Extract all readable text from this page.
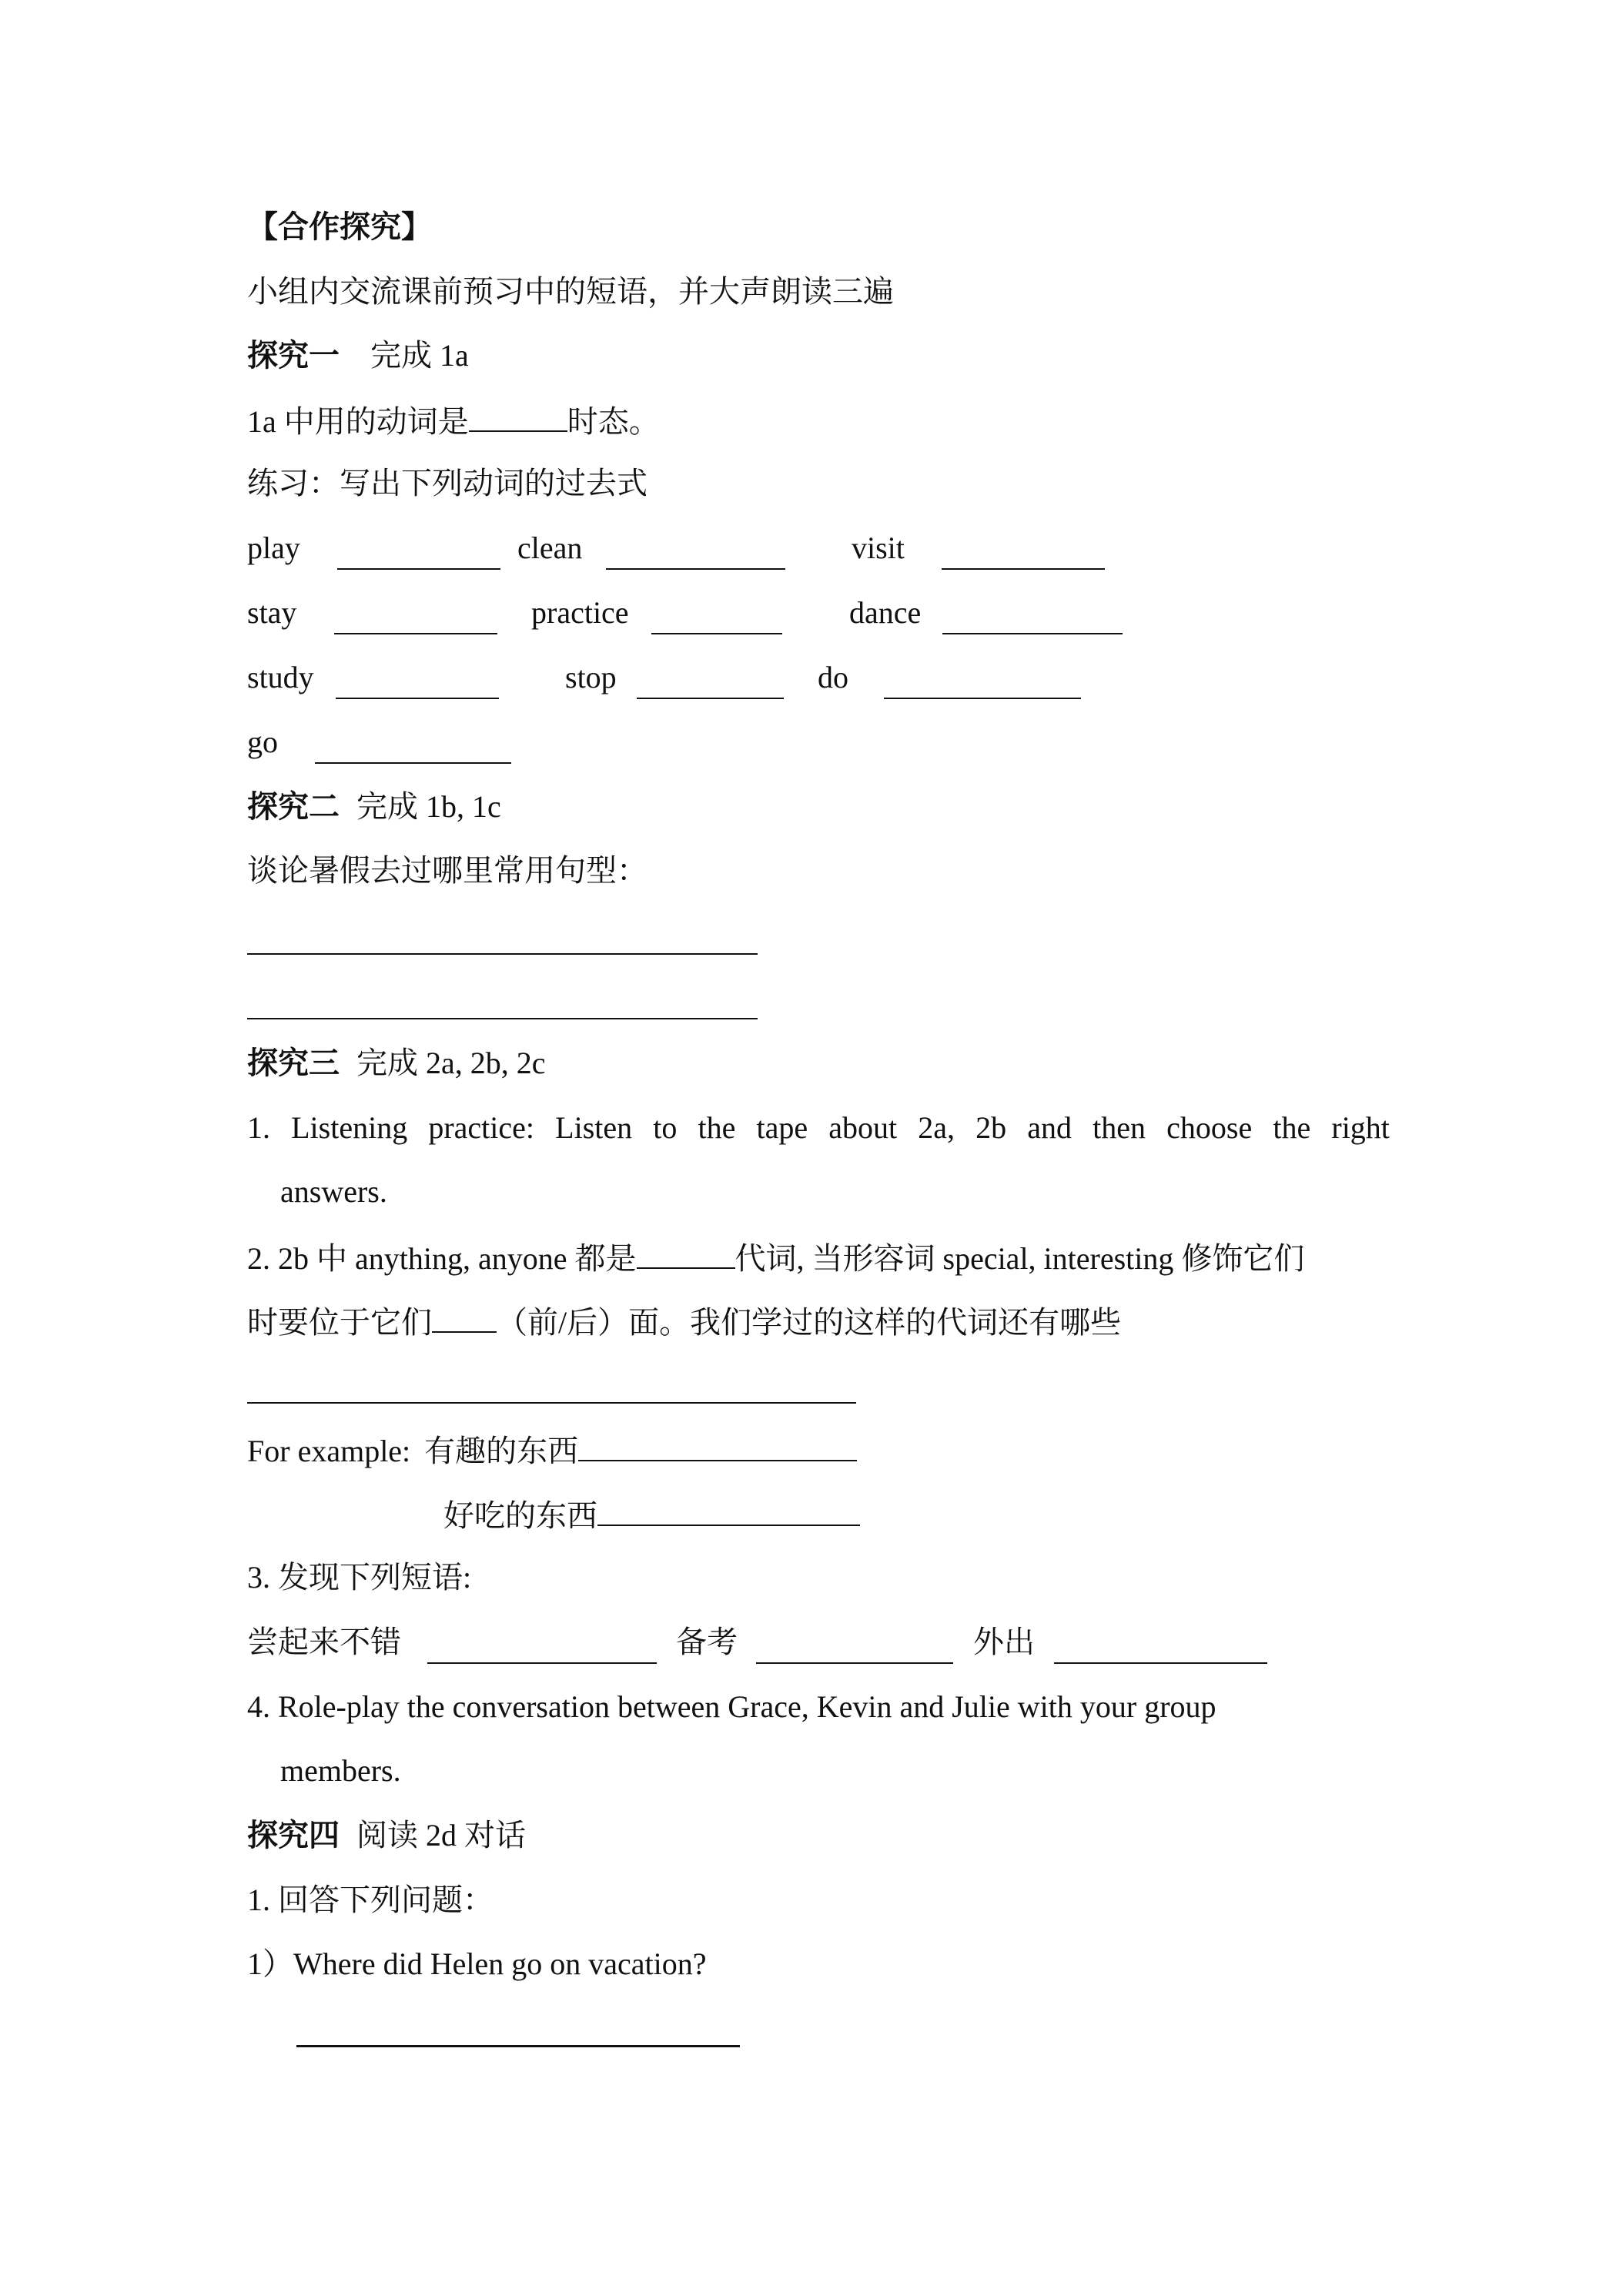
【合作探究】
小组内交流课前预习中的短语，并大声朗读三遍
探究一 完成 1a
1a 中用的动词是	时态。
练习：写出下列动词的过去式
play	clean	visit
stay	practice	dance
study	stop	do
go
探究二 完成 1b, 1c
谈论暑假去过哪里常用句型：
探究三 完成 2a, 2b, 2c
1. Listening practice: Listen to the tape about 2a, 2b and then choose the right
answers.
2. 2b 中 anything, anyone 都是	代词, 当形容词 special, interesting 修饰它们
时要位于它们 （前/后）面。我们学过的这样的代词还有哪些
For example: 有趣的东西
好吃的东西
3. 发现下列短语:
尝起来不错	备考	外出
4. Role-play the conversation between Grace, Kevin and Julie with your group
members.
探究四 阅读 2d 对话
1. 回答下列问题：
1）Where did Helen go on vacation?
